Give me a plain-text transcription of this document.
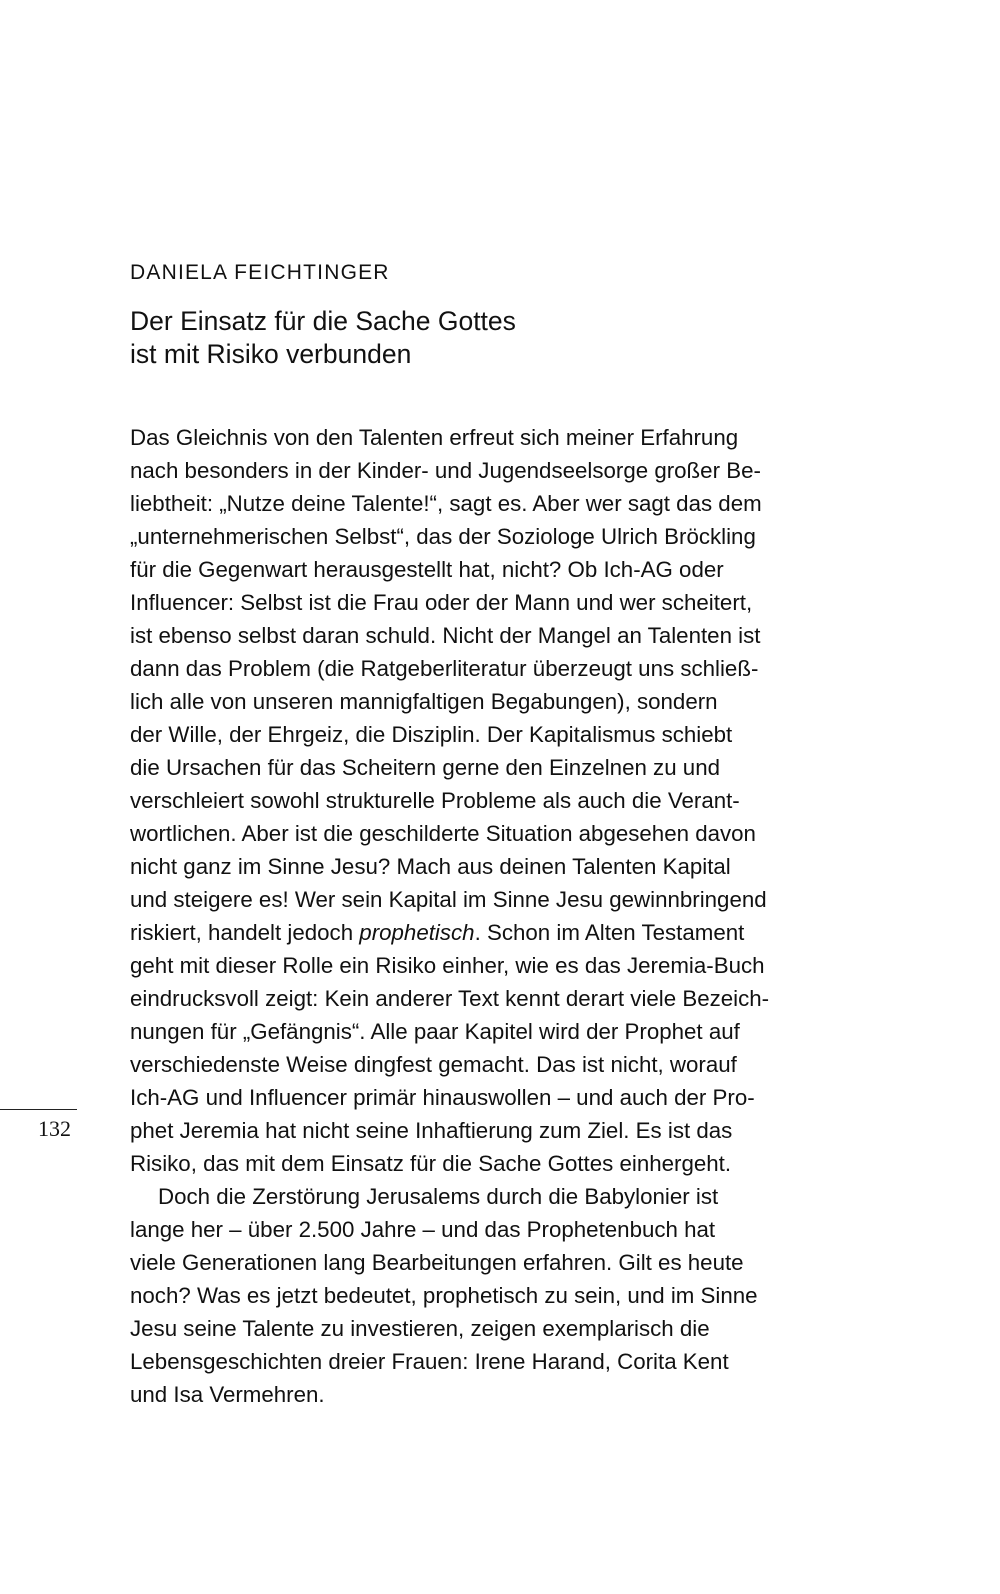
DANIELA FEICHTINGER
Der Einsatz für die Sache Gottes
ist mit Risiko verbunden
Das Gleichnis von den Talenten erfreut sich meiner Erfahrung
nach besonders in der Kinder- und Jugendseelsorge großer Be-
liebtheit: „Nutze deine Talente!“, sagt es. Aber wer sagt das dem
„unternehmerischen Selbst“, das der Soziologe Ulrich Bröckling
für die Gegenwart herausgestellt hat, nicht? Ob Ich-AG oder
Influencer: Selbst ist die Frau oder der Mann und wer scheitert,
ist ebenso selbst daran schuld. Nicht der Mangel an Talenten ist
dann das Problem (die Ratgeberliteratur überzeugt uns schließ-
lich alle von unseren mannigfaltigen Begabungen), sondern
der Wille, der Ehrgeiz, die Disziplin. Der Kapitalismus schiebt
die Ursachen für das Scheitern gerne den Einzelnen zu und
verschleiert sowohl strukturelle Probleme als auch die Verant-
wortlichen. Aber ist die geschilderte Situation abgesehen davon
nicht ganz im Sinne Jesu? Mach aus deinen Talenten Kapital
und steigere es! Wer sein Kapital im Sinne Jesu gewinnbringend
riskiert, handelt jedoch prophetisch. Schon im Alten Testament
geht mit dieser Rolle ein Risiko einher, wie es das Jeremia-Buch
eindrucksvoll zeigt: Kein anderer Text kennt derart viele Bezeich-
nungen für „Gefängnis“. Alle paar Kapitel wird der Prophet auf
verschiedenste Weise dingfest gemacht. Das ist nicht, worauf
Ich-AG und Influencer primär hinauswollen – und auch der Pro-
phet Jeremia hat nicht seine Inhaftierung zum Ziel. Es ist das
Risiko, das mit dem Einsatz für die Sache Gottes einhergeht.
Doch die Zerstörung Jerusalems durch die Babylonier ist
lange her – über 2.500 Jahre – und das Prophetenbuch hat
viele Generationen lang Bearbeitungen erfahren. Gilt es heute
noch? Was es jetzt bedeutet, prophetisch zu sein, und im Sinne
Jesu seine Talente zu investieren, zeigen exemplarisch die
Lebensgeschichten dreier Frauen: Irene Harand, Corita Kent
und Isa Vermehren.
132
